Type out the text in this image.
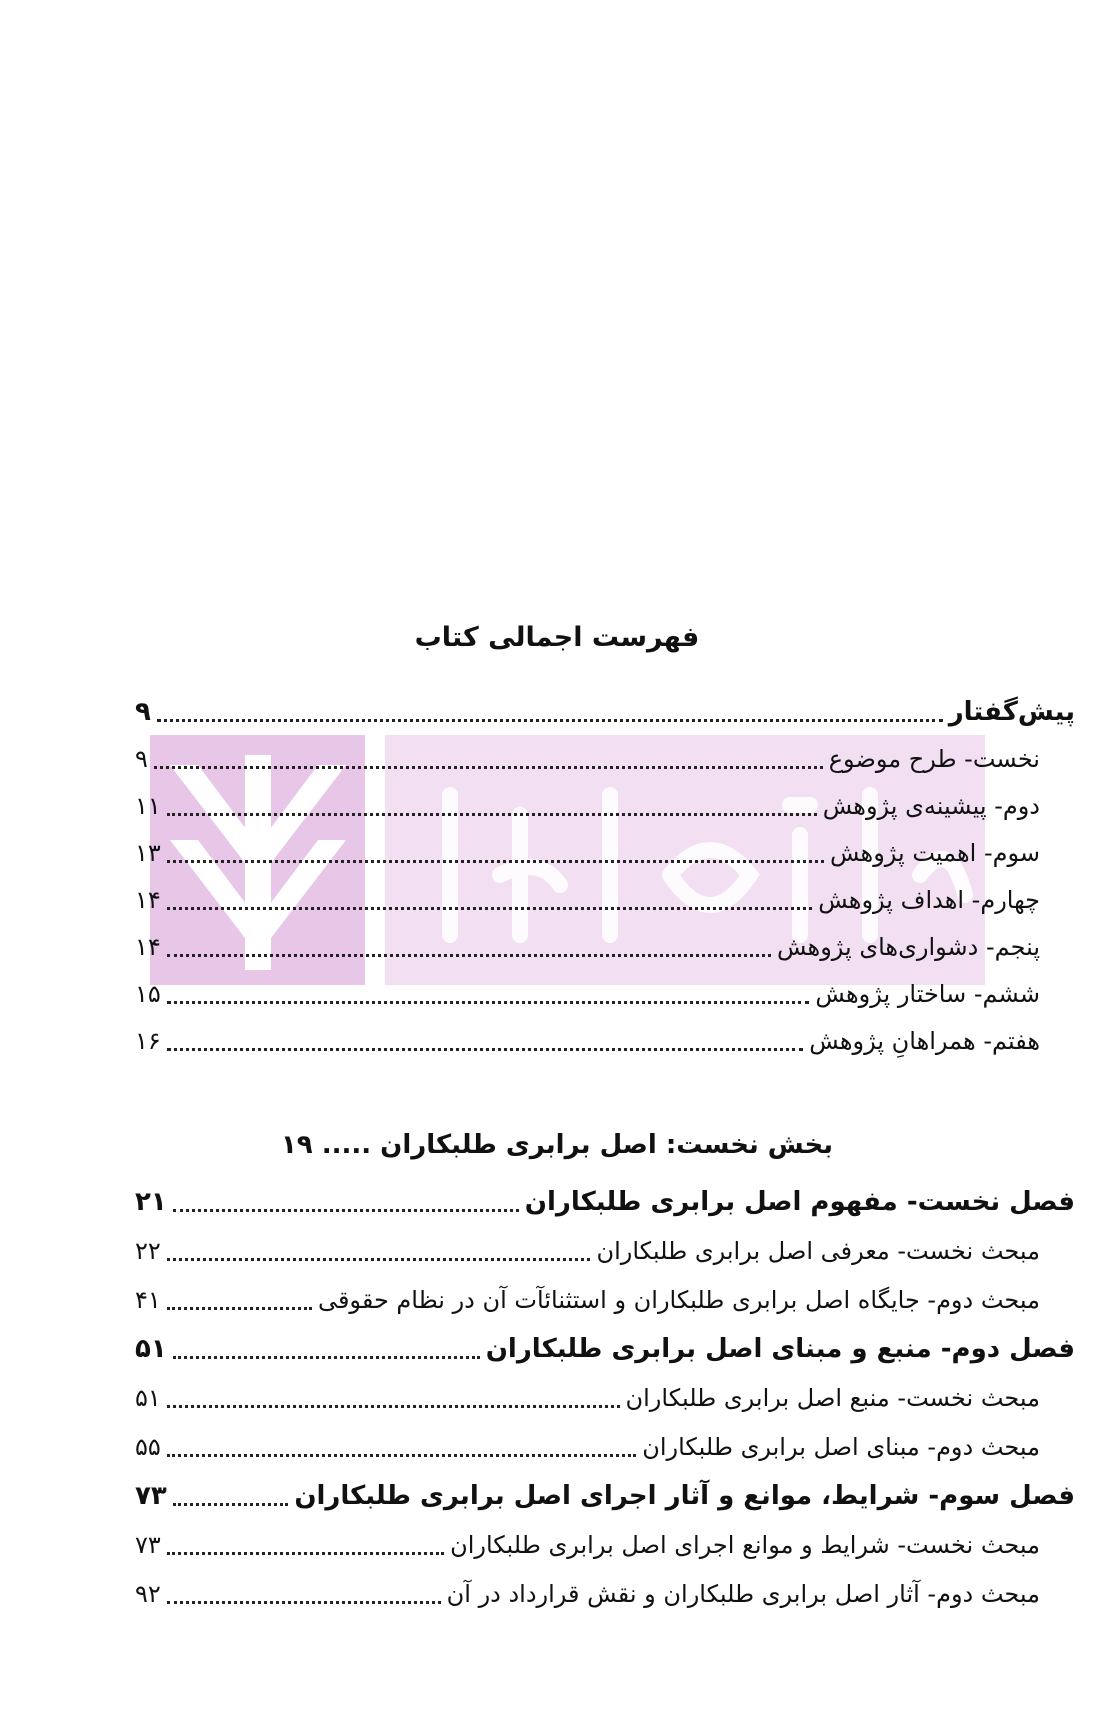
فهرست اجمالی کتاب
پیش‌گفتار
۹
نخست- طرح موضوع
۹
دوم- پیشینه‌ی پژوهش
۱۱
سوم- اهمیت پژوهش
۱۳
چهارم- اهداف پژوهش
۱۴
پنجم- دشواری‌های پژوهش
۱۴
ششم- ساختار پژوهش
۱۵
هفتم- همراهانِ پژوهش
۱۶
بخش نخست: اصل برابری طلبکاران ..... ۱۹
فصل نخست- مفهوم اصل برابری طلبکاران
۲۱
مبحث نخست- معرفی اصل برابری طلبکاران
۲۲
مبحث دوم- جایگاه اصل برابری طلبکاران و استثنائآت آن در نظام حقوقی
۴۱
فصل دوم- منبع و مبنای اصل برابری طلبکاران
۵۱
مبحث نخست- منبع اصل برابری طلبکاران
۵۱
مبحث دوم- مبنای اصل برابری طلبکاران
۵۵
فصل سوم- شرایط، موانع و آثار اجرای اصل برابری طلبکاران
۷۳
مبحث نخست- شرایط و موانع اجرای اصل برابری طلبکاران
۷۳
مبحث دوم- آثار اصل برابری طلبکاران و نقش قرارداد در آن
۹۲
